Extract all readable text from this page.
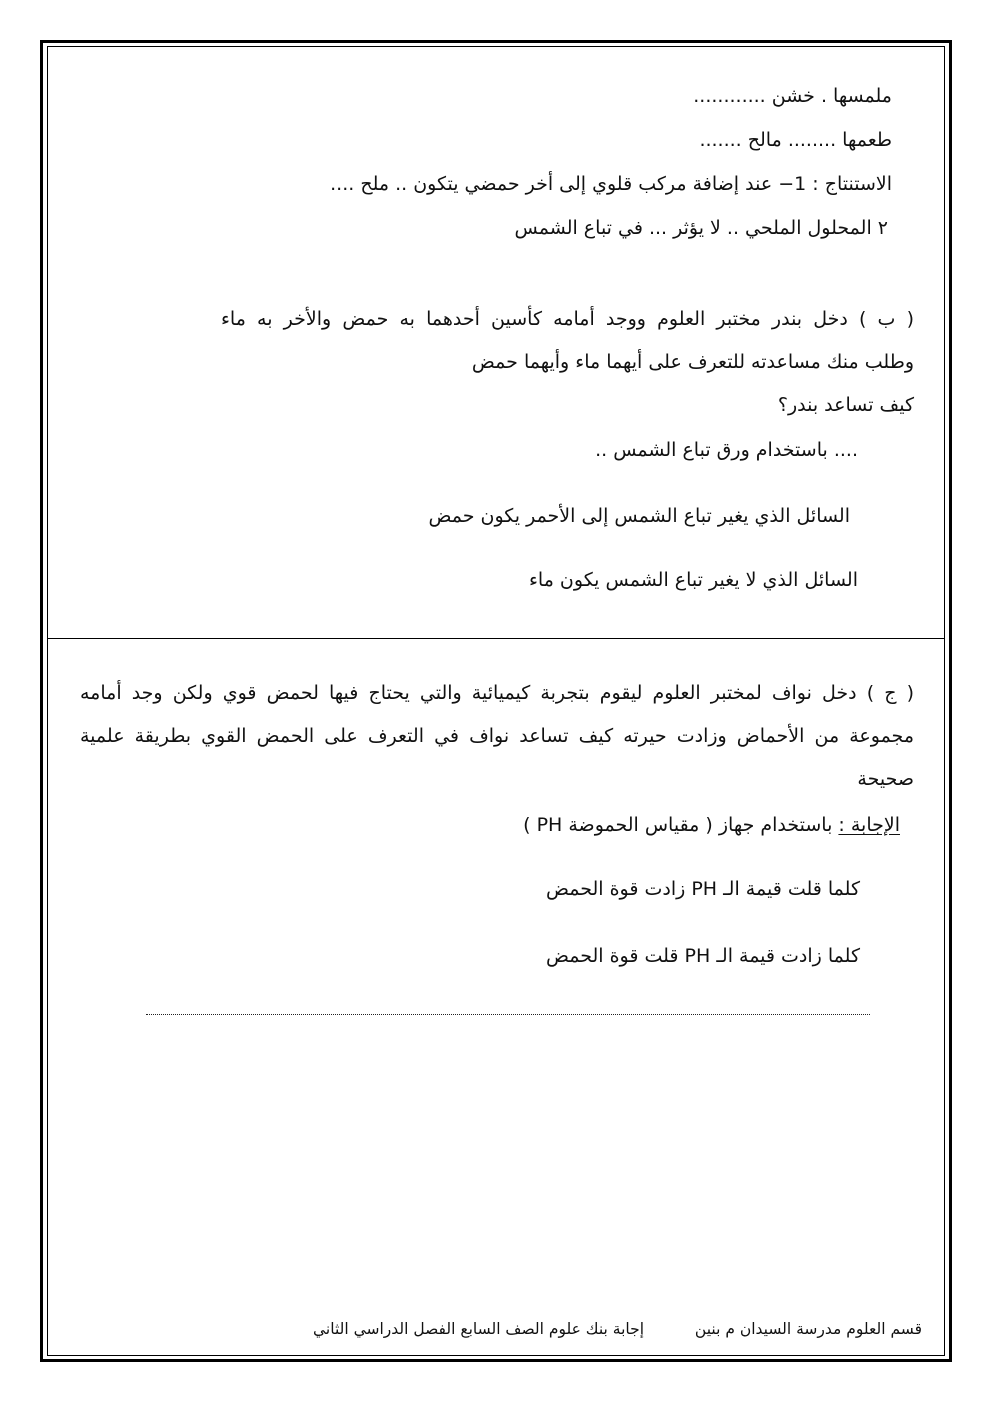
ملمسها . خشن ............
طعمها ........ مالح .......
الاستنتاج : 1− عند إضافة مركب قلوي إلى أخر حمضي يتكون .. ملح ....
٢ المحلول الملحي .. لا يؤثر ... في تباع الشمس
( ب ) دخل بندر مختبر العلوم ووجد أمامه كأسين أحدهما به حمض والأخر به ماء
وطلب منك مساعدته للتعرف على أيهما ماء وأيهما حمض
كيف تساعد بندر؟
.... باستخدام ورق تباع الشمس ..
السائل الذي يغير تباع الشمس إلى الأحمر يكون حمض
السائل الذي لا يغير تباع الشمس يكون ماء
( ج ) دخل نواف لمختبر العلوم ليقوم بتجربة كيميائية والتي يحتاج فيها لحمض قوي ولكن وجد أمامه
مجموعة من الأحماض وزادت حيرته كيف تساعد نواف في التعرف على الحمض القوي بطريقة علمية
صحيحة
الإجابة : باستخدام جهاز ( مقياس الحموضة PH )
كلما قلت قيمة الـ PH زادت قوة الحمض
كلما زادت قيمة الـ PH قلت قوة الحمض
قسم العلوم مدرسة السيدان م بنين
إجابة بنك علوم الصف السابع الفصل الدراسي الثاني
